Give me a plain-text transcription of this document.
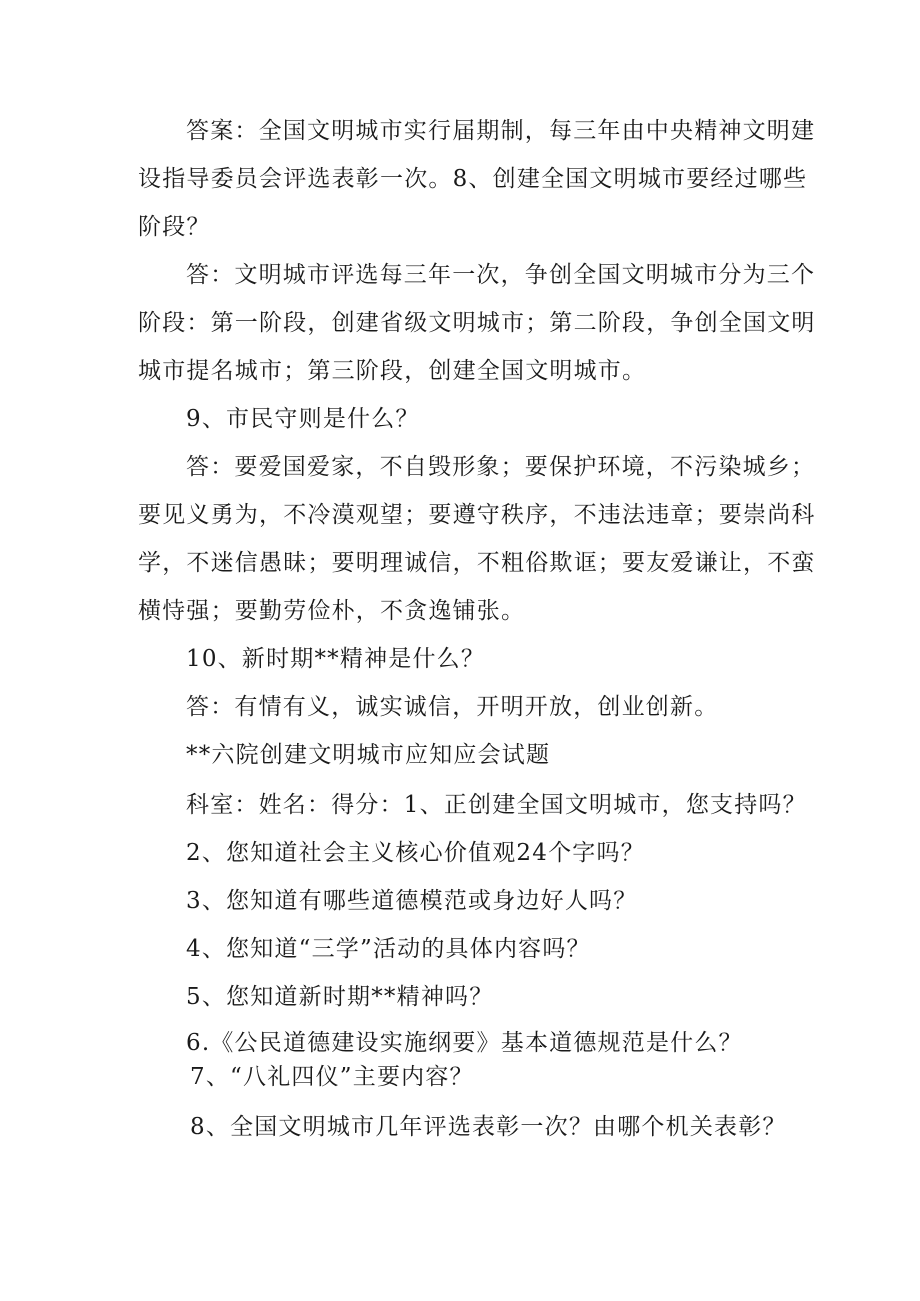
答案：全国文明城市实行届期制，每三年由中央精神文明建
设指导委员会评选表彰一次。8、创建全国文明城市要经过哪些
阶段？
答：文明城市评选每三年一次，争创全国文明城市分为三个
阶段：第一阶段，创建省级文明城市；第二阶段，争创全国文明
城市提名城市；第三阶段，创建全国文明城市。
9、市民守则是什么？
答：要爱国爱家，不自毁形象；要保护环境，不污染城乡；
要见义勇为，不冷漠观望；要遵守秩序，不违法违章；要崇尚科
学，不迷信愚昧；要明理诚信，不粗俗欺诓；要友爱谦让，不蛮
横恃强；要勤劳俭朴，不贪逸铺张。
10、新时期**精神是什么？
答：有情有义，诚实诚信，开明开放，创业创新。
**六院创建文明城市应知应会试题
科室：姓名：得分：1、正创建全国文明城市，您支持吗？
2、您知道社会主义核心价值观24个字吗？
3、您知道有哪些道德模范或身边好人吗？
4、您知道“三学”活动的具体内容吗？
5、您知道新时期**精神吗？
6.《公民道德建设实施纲要》基本道德规范是什么？
7、“八礼四仪”主要内容？
8、全国文明城市几年评选表彰一次？由哪个机关表彰？
